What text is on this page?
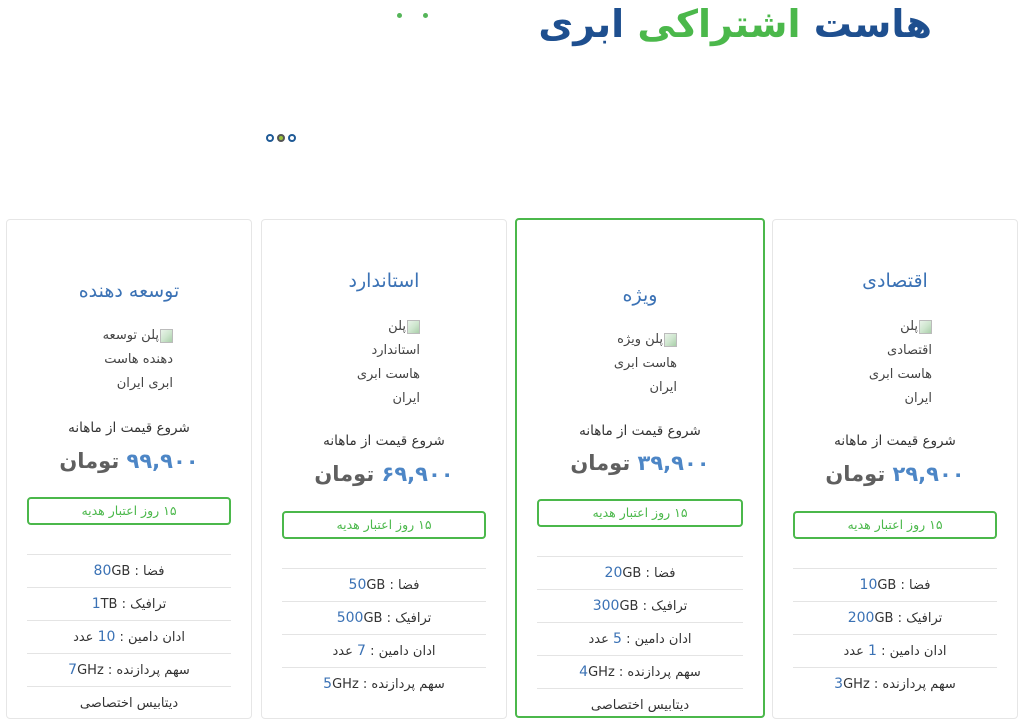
هاست اشتراکی ابری
توسعه دهنده
پلن توسعه
دهنده هاست
ابری ایران
شروع قیمت از ماهانه
۹۹,۹۰۰ تومان
۱۵ روز اعتبار هدیه
فضا : 80GB
ترافیک : 1TB
ادان دامین : 10 عدد
سهم پردازنده : 7GHz
دیتابیس اختصاصی
استاندارد
پلن
استاندارد
هاست ابری
ایران
شروع قیمت از ماهانه
۶۹,۹۰۰ تومان
۱۵ روز اعتبار هدیه
فضا : 50GB
ترافیک : 500GB
ادان دامین : 7 عدد
سهم پردازنده : 5GHz
ویژه
پلن ویژه
هاست ابری
ایران
شروع قیمت از ماهانه
۳۹,۹۰۰ تومان
۱۵ روز اعتبار هدیه
فضا : 20GB
ترافیک : 300GB
ادان دامین : 5 عدد
سهم پردازنده : 4GHz
دیتابیس اختصاصی
اقتصادی
پلن
اقتصادی
هاست ابری
ایران
شروع قیمت از ماهانه
۲۹,۹۰۰ تومان
۱۵ روز اعتبار هدیه
فضا : 10GB
ترافیک : 200GB
ادان دامین : 1 عدد
سهم پردازنده : 3GHz
